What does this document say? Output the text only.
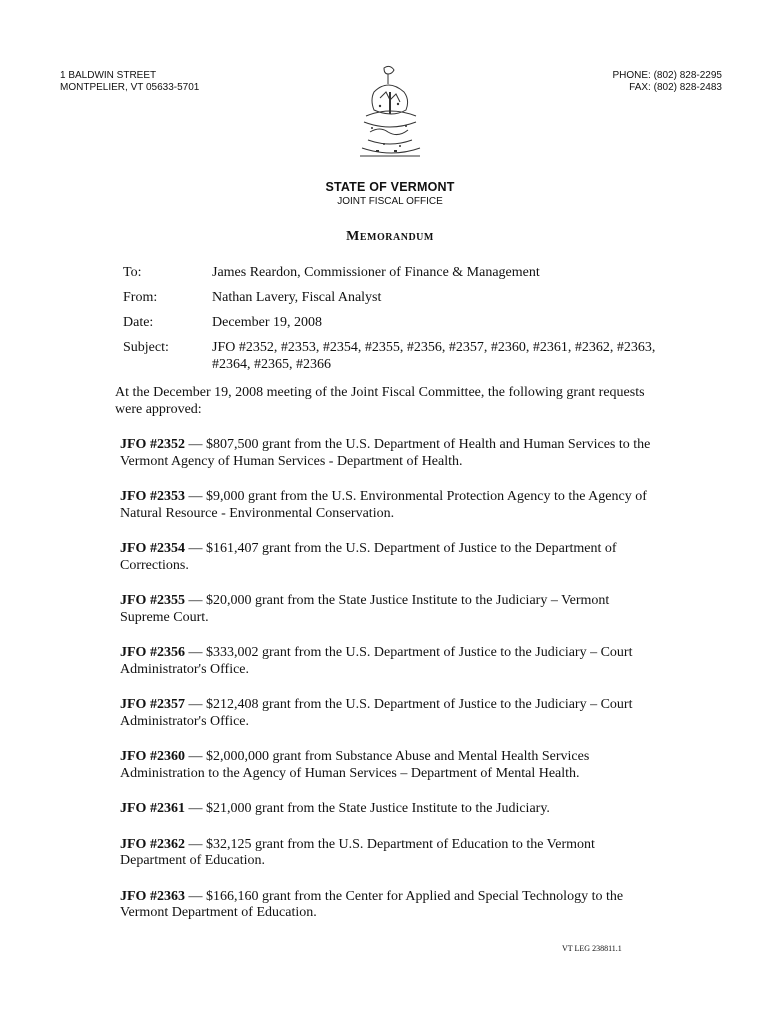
1 BALDWIN STREET
MONTPELIER, VT 05633-5701
PHONE: (802) 828-2295
FAX: (802) 828-2483
STATE OF VERMONT
JOINT FISCAL OFFICE
Memorandum
To:	James Reardon, Commissioner of Finance & Management
From:	Nathan Lavery, Fiscal Analyst
Date:	December 19, 2008
Subject:	JFO #2352, #2353, #2354, #2355, #2356, #2357, #2360, #2361, #2362, #2363, #2364, #2365, #2366
At the December 19, 2008 meeting of the Joint Fiscal Committee, the following grant requests were approved:

JFO #2352 — $807,500 grant from the U.S. Department of Health and Human Services to the Vermont Agency of Human Services - Department of Health.

JFO #2353 — $9,000 grant from the U.S. Environmental Protection Agency to the Agency of Natural Resource - Environmental Conservation.

JFO #2354 — $161,407 grant from the U.S. Department of Justice to the Department of Corrections.

JFO #2355 — $20,000 grant from the State Justice Institute to the Judiciary – Vermont Supreme Court.

JFO #2356 — $333,002 grant from the U.S. Department of Justice to the Judiciary – Court Administrator's Office.

JFO #2357 — $212,408 grant from the U.S. Department of Justice to the Judiciary – Court Administrator's Office.

JFO #2360 — $2,000,000 grant from Substance Abuse and Mental Health Services Administration to the Agency of Human Services – Department of Mental Health.

JFO #2361 — $21,000 grant from the State Justice Institute to the Judiciary.

JFO #2362 — $32,125 grant from the U.S. Department of Education to the Vermont Department of Education.

JFO #2363 — $166,160 grant from the Center for Applied and Special Technology to the Vermont Department of Education.

VT LEG 238811.1
